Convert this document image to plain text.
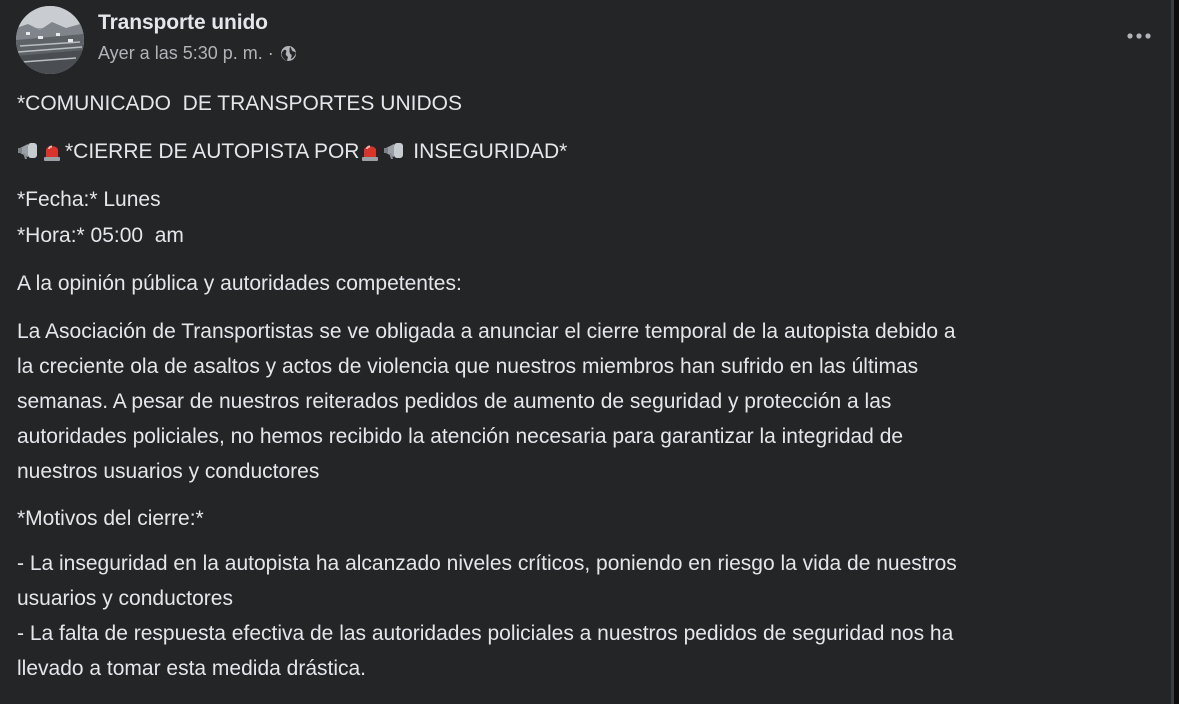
Transporte unido
Ayer a las 5:30 p. m. ·

*COMUNICADO  DE TRANSPORTES UNIDOS

*CIERRE DE AUTOPISTA POR INSEGURIDAD*

*Fecha:* Lunes

*Hora:* 05:00  am

A la opinión pública y autoridades competentes:

La Asociación de Transportistas se ve obligada a anunciar el cierre temporal de la autopista debido a

la creciente ola de asaltos y actos de violencia que nuestros miembros han sufrido en las últimas

semanas. A pesar de nuestros reiterados pedidos de aumento de seguridad y protección a las

autoridades policiales, no hemos recibido la atención necesaria para garantizar la integridad de

nuestros usuarios y conductores

*Motivos del cierre:*

- La inseguridad en la autopista ha alcanzado niveles críticos, poniendo en riesgo la vida de nuestros

usuarios y conductores

- La falta de respuesta efectiva de las autoridades policiales a nuestros pedidos de seguridad nos ha

llevado a tomar esta medida drástica.
